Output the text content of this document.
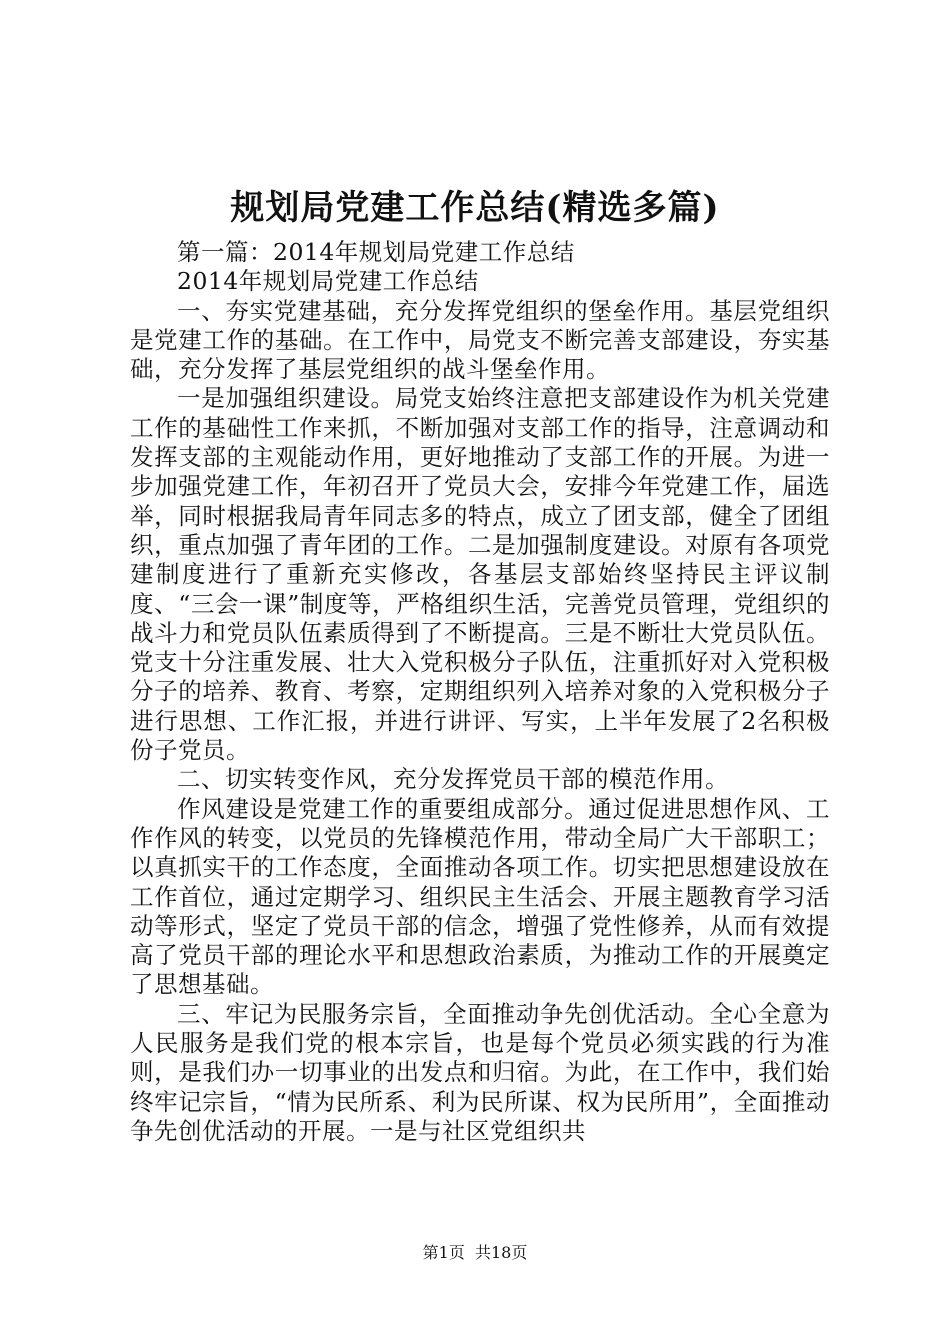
规划局党建工作总结(精选多篇)

第一篇：2014年规划局党建工作总结

2014年规划局党建工作总结

一、夯实党建基础，充分发挥党组织的堡垒作用。基层党组织是党建工作的基础。在工作中，局党支不断完善支部建设，夯实基础，充分发挥了基层党组织的战斗堡垒作用。

一是加强组织建设。局党支始终注意把支部建设作为机关党建工作的基础性工作来抓，不断加强对支部工作的指导，注意调动和发挥支部的主观能动作用，更好地推动了支部工作的开展。为进一步加强党建工作，年初召开了党员大会，安排今年党建工作，届选举，同时根据我局青年同志多的特点，成立了团支部，健全了团组织，重点加强了青年团的工作。二是加强制度建设。对原有各项党建制度进行了重新充实修改，各基层支部始终坚持民主评议制度、“三会一课”制度等，严格组织生活，完善党员管理，党组织的战斗力和党员队伍素质得到了不断提高。三是不断壮大党员队伍。党支十分注重发展、壮大入党积极分子队伍，注重抓好对入党积极分子的培养、教育、考察，定期组织列入培养对象的入党积极分子进行思想、工作汇报，并进行讲评、写实，上半年发展了2名积极份子党员。

二、切实转变作风，充分发挥党员干部的模范作用。

作风建设是党建工作的重要组成部分。通过促进思想作风、工作作风的转变，以党员的先锋模范作用，带动全局广大干部职工；以真抓实干的工作态度，全面推动各项工作。切实把思想建设放在工作首位，通过定期学习、组织民主生活会、开展主题教育学习活动等形式，坚定了党员干部的信念，增强了党性修养，从而有效提高了党员干部的理论水平和思想政治素质，为推动工作的开展奠定了思想基础。

三、牢记为民服务宗旨，全面推动争先创优活动。全心全意为人民服务是我们党的根本宗旨，也是每个党员必须实践的行为准则，是我们办一切事业的出发点和归宿。为此，在工作中，我们始终牢记宗旨，“情为民所系、利为民所谋、权为民所用”，全面推动争先创优活动的开展。一是与社区党组织共

第1页  共18页
